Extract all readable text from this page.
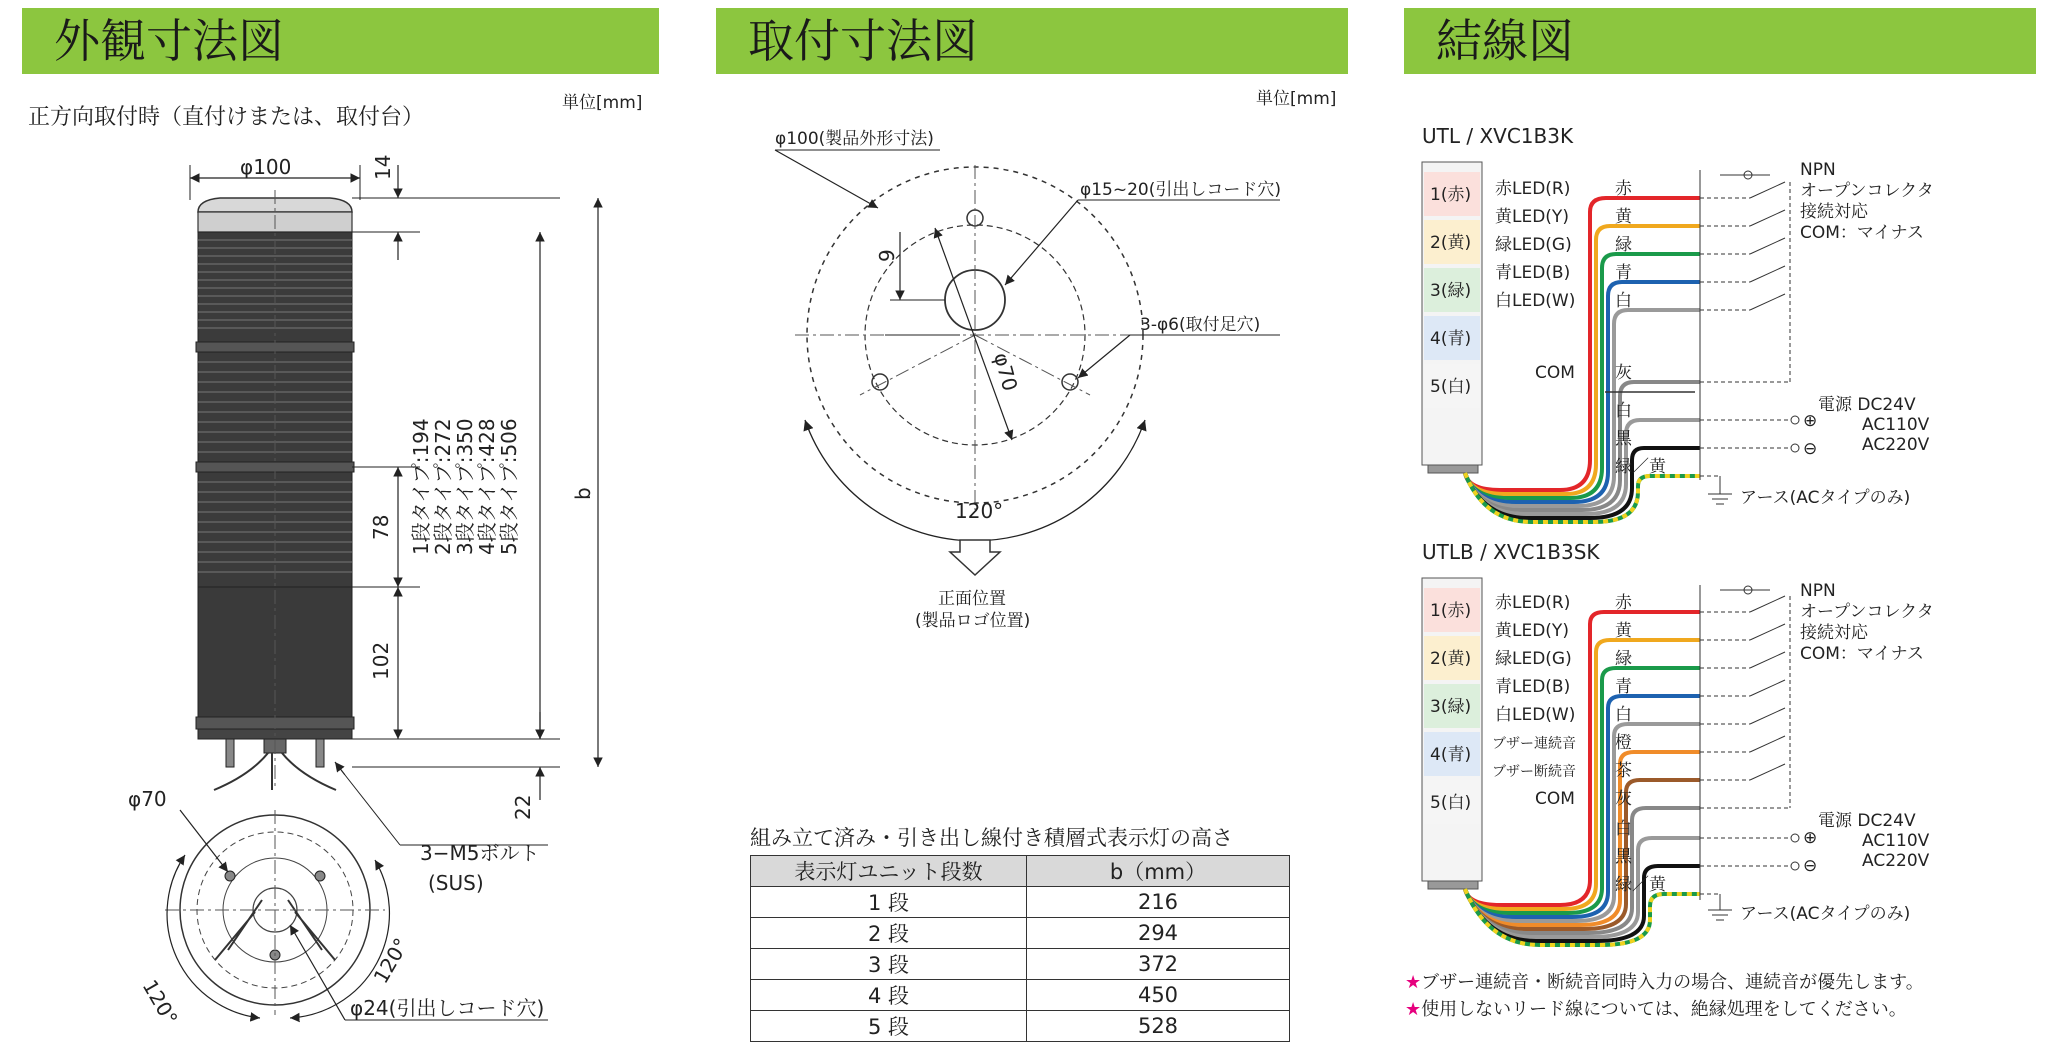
外観寸法図	取付寸法図	結線図
正方向取付時（直付けまたは、取付台）
単位[mm]	単位[mm]
φ100	14
78
102
b
22
1段タイプ:194
2段タイプ:272
3段タイプ:350
4段タイプ:428
5段タイプ:506
φ70
120°
120°
3−M5ボルト
(SUS)
φ24(引出しコード穴)
φ100(製品外形寸法)
φ15~20(引出しコード穴)
3-φ6(取付足穴)
9
φ70
120°
正面位置
(製品ロゴ位置)
1(赤)
2(黄)
3(緑)
4(青)
5(白)
赤LED(R)
黄LED(Y)
緑LED(G)
青LED(B)
白LED(W)
COM
赤
黄
緑
青
白
灰
白
黒
緑／黄
NPN
オープンコレクタ
接続対応
COM：マイナス
電源 DC24V
AC110V
AC220V
⊕
⊖
アース(ACタイプのみ)
1(赤)
2(黄)
3(緑)
4(青)
5(白)
赤LED(R)
黄LED(Y)
緑LED(G)
青LED(B)
白LED(W)
ブザー連続音
ブザー断続音
COM
赤
黄
緑
青
白
橙
茶
灰
白
黒
緑／黄
NPN
オープンコレクタ
接続対応
COM：マイナス
電源 DC24V
AC110V
AC220V
⊕
⊖
アース(ACタイプのみ)
UTL / XVC1B3K
UTLB / XVC1B3SK
組み立て済み・引き出し線付き積層式表示灯の高さ
表示灯ユニット段数	b（mm）
1 段	216
2 段	294
3 段	372
4 段	450
5 段	528
★ブザー連続音・断続音同時入力の場合、連続音が優先します。
★使用しないリード線については、絶縁処理をしてください。
